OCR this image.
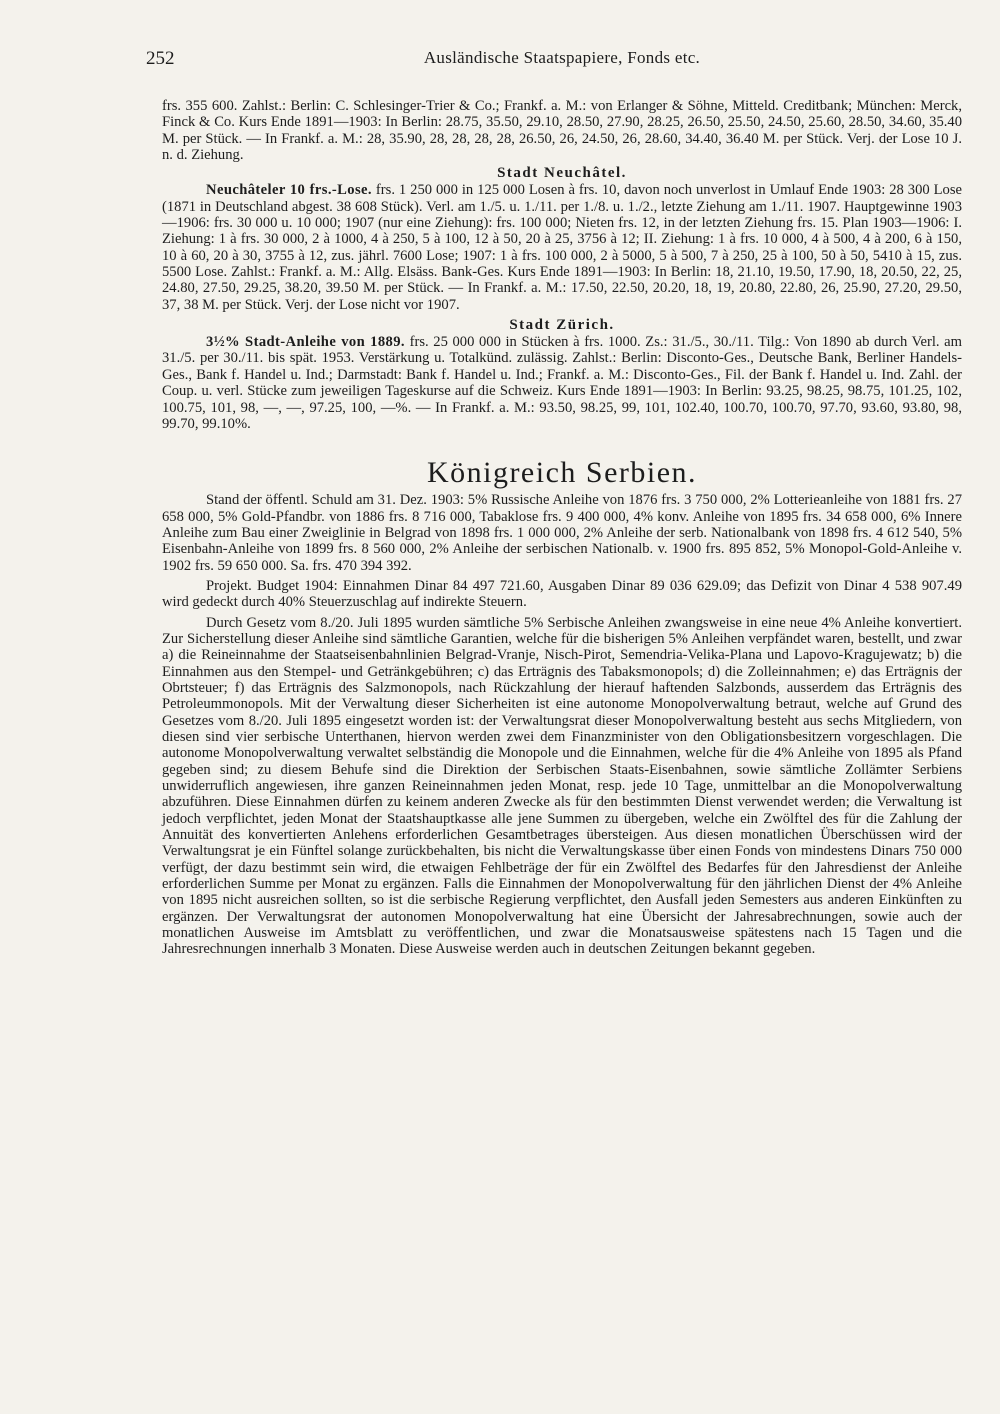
252	Ausländische Staatspapiere, Fonds etc.

frs. 355 600. Zahlst.: Berlin: C. Schlesinger-Trier & Co.; Frankf. a. M.: von Erlanger & Söhne, Mitteld. Creditbank; München: Merck, Finck & Co. Kurs Ende 1891—1903: In Berlin: 28.75, 35.50, 29.10, 28.50, 27.90, 28.25, 26.50, 25.50, 24.50, 25.60, 28.50, 34.60, 35.40 M. per Stück. — In Frankf. a. M.: 28, 35.90, 28, 28, 28, 28, 26.50, 26, 24.50, 26, 28.60, 34.40, 36.40 M. per Stück. Verj. der Lose 10 J. n. d. Ziehung.

Stadt Neuchâtel.

Neuchâteler 10 frs.-Lose. frs. 1 250 000 in 125 000 Losen à frs. 10, davon noch unverlost in Umlauf Ende 1903: 28 300 Lose (1871 in Deutschland abgest. 38 608 Stück). Verl. am 1./5. u. 1./11. per 1./8. u. 1./2., letzte Ziehung am 1./11. 1907. Hauptgewinne 1903—1906: frs. 30 000 u. 10 000; 1907 (nur eine Ziehung): frs. 100 000; Nieten frs. 12, in der letzten Ziehung frs. 15. Plan 1903—1906: I. Ziehung: 1 à frs. 30 000, 2 à 1000, 4 à 250, 5 à 100, 12 à 50, 20 à 25, 3756 à 12; II. Ziehung: 1 à frs. 10 000, 4 à 500, 4 à 200, 6 à 150, 10 à 60, 20 à 30, 3755 à 12, zus. jährl. 7600 Lose; 1907: 1 à frs. 100 000, 2 à 5000, 5 à 500, 7 à 250, 25 à 100, 50 à 50, 5410 à 15, zus. 5500 Lose. Zahlst.: Frankf. a. M.: Allg. Elsäss. Bank-Ges. Kurs Ende 1891—1903: In Berlin: 18, 21.10, 19.50, 17.90, 18, 20.50, 22, 25, 24.80, 27.50, 29.25, 38.20, 39.50 M. per Stück. — In Frankf. a. M.: 17.50, 22.50, 20.20, 18, 19, 20.80, 22.80, 26, 25.90, 27.20, 29.50, 37, 38 M. per Stück. Verj. der Lose nicht vor 1907.

Stadt Zürich.

3½% Stadt-Anleihe von 1889. frs. 25 000 000 in Stücken à frs. 1000. Zs.: 31./5., 30./11. Tilg.: Von 1890 ab durch Verl. am 31./5. per 30./11. bis spät. 1953. Verstärkung u. Totalkünd. zulässig. Zahlst.: Berlin: Disconto-Ges., Deutsche Bank, Berliner Handels-Ges., Bank f. Handel u. Ind.; Darmstadt: Bank f. Handel u. Ind.; Frankf. a. M.: Disconto-Ges., Fil. der Bank f. Handel u. Ind. Zahl. der Coup. u. verl. Stücke zum jeweiligen Tageskurse auf die Schweiz. Kurs Ende 1891—1903: In Berlin: 93.25, 98.25, 98.75, 101.25, 102, 100.75, 101, 98, —, —, 97.25, 100, —%. — In Frankf. a. M.: 93.50, 98.25, 99, 101, 102.40, 100.70, 100.70, 97.70, 93.60, 93.80, 98, 99.70, 99.10%.

Königreich Serbien.

Stand der öffentl. Schuld am 31. Dez. 1903: 5% Russische Anleihe von 1876 frs. 3 750 000, 2% Lotterieanleihe von 1881 frs. 27 658 000, 5% Gold-Pfandbr. von 1886 frs. 8 716 000, Tabaklose frs. 9 400 000, 4% konv. Anleihe von 1895 frs. 34 658 000, 6% Innere Anleihe zum Bau einer Zweiglinie in Belgrad von 1898 frs. 1 000 000, 2% Anleihe der serb. Nationalbank von 1898 frs. 4 612 540, 5% Eisenbahn-Anleihe von 1899 frs. 8 560 000, 2% Anleihe der serbischen Nationalb. v. 1900 frs. 895 852, 5% Monopol-Gold-Anleihe v. 1902 frs. 59 650 000. Sa. frs. 470 394 392.

Projekt. Budget 1904: Einnahmen Dinar 84 497 721.60, Ausgaben Dinar 89 036 629.09; das Defizit von Dinar 4 538 907.49 wird gedeckt durch 40% Steuerzuschlag auf indirekte Steuern.

Durch Gesetz vom 8./20. Juli 1895 wurden sämtliche 5% Serbische Anleihen zwangsweise in eine neue 4% Anleihe konvertiert. Zur Sicherstellung dieser Anleihe sind sämtliche Garantien, welche für die bisherigen 5% Anleihen verpfändet waren, bestellt, und zwar a) die Reineinnahme der Staatseisenbahnlinien Belgrad-Vranje, Nisch-Pirot, Semendria-Velika-Plana und Lapovo-Kragujewatz; b) die Einnahmen aus den Stempel- und Getränkgebühren; c) das Erträgnis des Tabaksmonopols; d) die Zolleinnahmen; e) das Erträgnis der Obrtsteuer; f) das Erträgnis des Salzmonopols, nach Rückzahlung der hierauf haftenden Salzbonds, ausserdem das Erträgnis des Petroleummonopols. Mit der Verwaltung dieser Sicherheiten ist eine autonome Monopolverwaltung betraut, welche auf Grund des Gesetzes vom 8./20. Juli 1895 eingesetzt worden ist: der Verwaltungsrat dieser Monopolverwaltung besteht aus sechs Mitgliedern, von diesen sind vier serbische Unterthanen, hiervon werden zwei dem Finanzminister von den Obligationsbesitzern vorgeschlagen. Die autonome Monopolverwaltung verwaltet selbständig die Monopole und die Einnahmen, welche für die 4% Anleihe von 1895 als Pfand gegeben sind; zu diesem Behufe sind die Direktion der Serbischen Staats-Eisenbahnen, sowie sämtliche Zollämter Serbiens unwiderruflich angewiesen, ihre ganzen Reineinnahmen jeden Monat, resp. jede 10 Tage, unmittelbar an die Monopolverwaltung abzuführen. Diese Einnahmen dürfen zu keinem anderen Zwecke als für den bestimmten Dienst verwendet werden; die Verwaltung ist jedoch verpflichtet, jeden Monat der Staatshauptkasse alle jene Summen zu übergeben, welche ein Zwölftel des für die Zahlung der Annuität des konvertierten Anlehens erforderlichen Gesamtbetrages übersteigen. Aus diesen monatlichen Überschüssen wird der Verwaltungsrat je ein Fünftel solange zurückbehalten, bis nicht die Verwaltungskasse über einen Fonds von mindestens Dinars 750 000 verfügt, der dazu bestimmt sein wird, die etwaigen Fehlbeträge der für ein Zwölftel des Bedarfes für den Jahresdienst der Anleihe erforderlichen Summe per Monat zu ergänzen. Falls die Einnahmen der Monopolverwaltung für den jährlichen Dienst der 4% Anleihe von 1895 nicht ausreichen sollten, so ist die serbische Regierung verpflichtet, den Ausfall jeden Semesters aus anderen Einkünften zu ergänzen. Der Verwaltungsrat der autonomen Monopolverwaltung hat eine Übersicht der Jahresabrechnungen, sowie auch der monatlichen Ausweise im Amtsblatt zu veröffentlichen, und zwar die Monatsausweise spätestens nach 15 Tagen und die Jahresrechnungen innerhalb 3 Monaten. Diese Ausweise werden auch in deutschen Zeitungen bekannt gegeben.
